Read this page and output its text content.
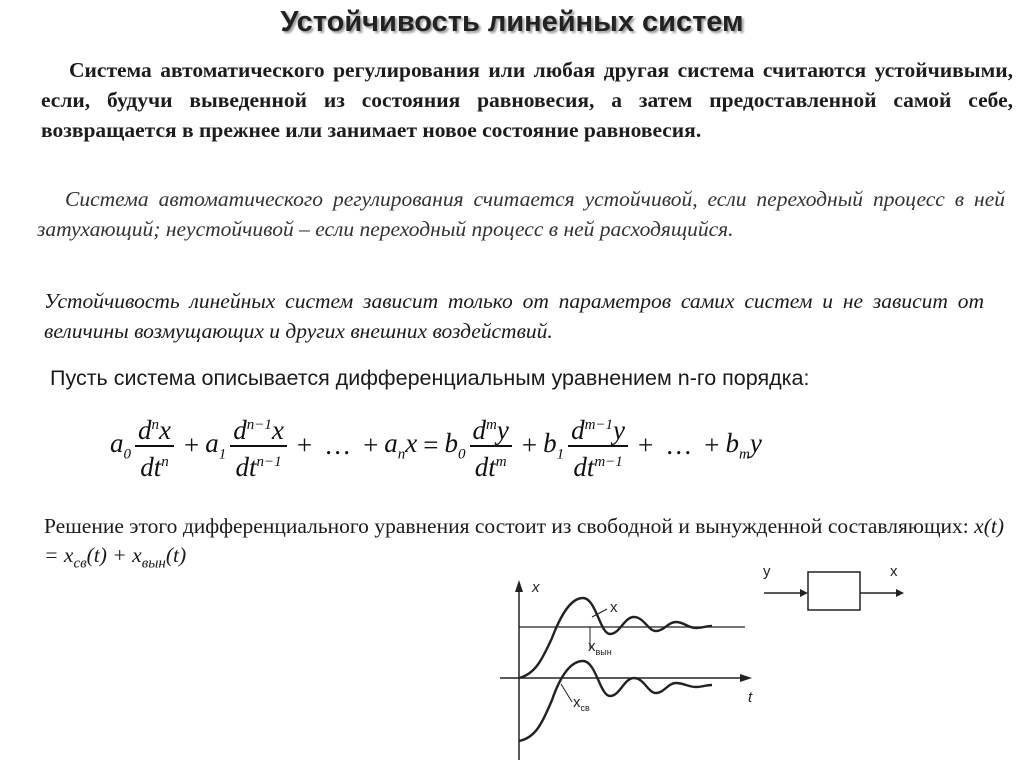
Устойчивость линейных систем
Система автоматического регулирования или любая другая система считаются устойчивыми, если, будучи выведенной из состояния равновесия, а затем предоставленной самой себе, возвращается в прежнее или занимает новое состояние равновесия.
Система автоматического регулирования считается устойчивой, если переходный процесс в ней затухающий; неустойчивой – если переходный процесс в ней расходящийся.
Устойчивость линейных систем зависит только от параметров самих систем и не зависит от величины возмущающих и других внешних воздействий.
Пусть система описывается дифференциальным уравнением n-го порядка:
$a_0 \frac{d^nx}{dt^n} + a_1 \frac{d^{n-1}x}{dt^{n-1}}$ + … + $a_nx = b_0 \frac{d^my}{dt^m} + b_1 \frac{d^{m-1}y}{dt^{m-1}}$ + … + $b_my$
Решение этого дифференциального уравнения состоит из свободной и вынужденной составляющих: $x(t) = x_{св}(t) + x_{вын}(t)$
x
t
x
$x_{вын}$
$x_{св}$
у	х
